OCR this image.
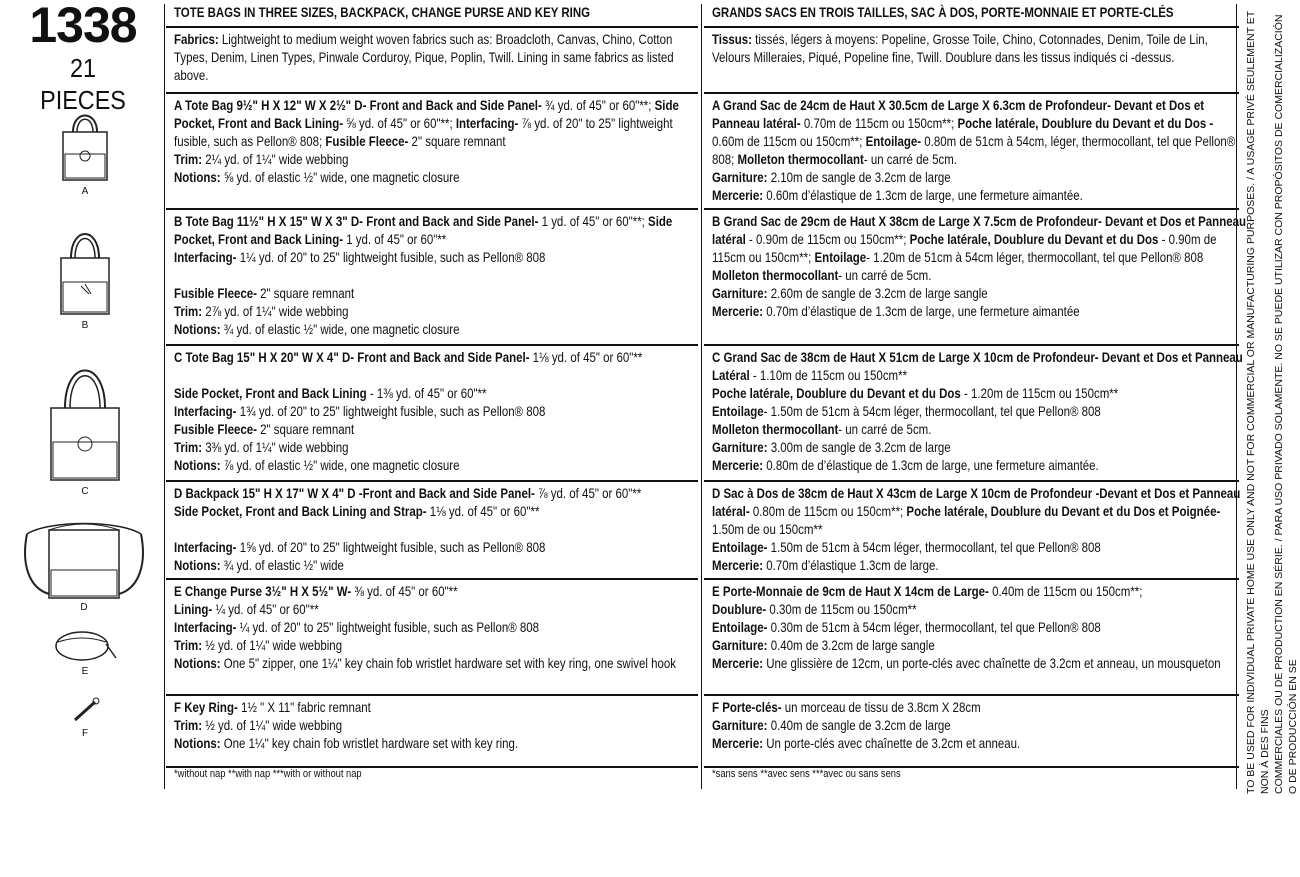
1338
21 PIECES
A
B
C
D
E
F
TOTE BAGS IN THREE SIZES, BACKPACK, CHANGE PURSE AND KEY RING
Fabrics: Lightweight to medium weight woven fabrics such as: Broadcloth, Canvas, Chino, Cotton Types, Denim, Linen Types, Pinwale Corduroy, Pique, Poplin, Twill. Lining in same fabrics as listed above.

A Tote Bag 9½" H X 12" W X 2½" D- Front and Back and Side Panel- ¾ yd. of 45" or 60"**; Side Pocket, Front and Back Lining- ⅝ yd. of 45" or 60"**; Interfacing- ⅞ yd. of 20" to 25" lightweight fusible, such as Pellon® 808; Fusible Fleece- 2" square remnant

Trim: 2¼ yd. of 1¼" wide webbing

Notions: ⅝ yd. of elastic ½" wide, one magnetic closure

B Tote Bag 11½" H X 15" W X 3" D- Front and Back and Side Panel- 1 yd. of 45" or 60"**; Side Pocket, Front and Back Lining- 1 yd. of 45" or 60"**

Interfacing- 1¼ yd. of 20" to 25" lightweight fusible, such as Pellon® 808

Fusible Fleece- 2" square remnant

Trim: 2⅞ yd. of 1¼" wide webbing

Notions: ¾ yd. of elastic ½" wide, one magnetic closure

C Tote Bag 15" H X 20" W X 4" D- Front and Back and Side Panel- 1⅛ yd. of 45" or 60"**

Side Pocket, Front and Back Lining - 1⅜ yd. of 45" or 60"**

Interfacing- 1¾ yd. of 20" to 25" lightweight fusible, such as Pellon® 808

Fusible Fleece- 2" square remnant

Trim: 3⅜ yd. of 1¼" wide webbing

Notions: ⅞ yd. of elastic ½" wide, one magnetic closure

D Backpack 15" H X 17" W X 4" D -Front and Back and Side Panel- ⅞ yd. of 45" or 60"**

Side Pocket, Front and Back Lining and Strap- 1⅛ yd. of 45" or 60"**

Interfacing- 1⅝ yd. of 20" to 25" lightweight fusible, such as Pellon® 808

Notions: ¾ yd. of elastic ½" wide

E Change Purse 3½" H X 5½" W- ⅜ yd. of 45" or 60"**

Lining- ¼ yd. of 45" or 60"**

Interfacing- ¼ yd. of 20" to 25" lightweight fusible, such as Pellon® 808

Trim: ½ yd. of 1¼" wide webbing

Notions: One 5" zipper, one 1¼" key chain fob wristlet hardware set with key ring, one swivel hook

F Key Ring- 1½ " X 11" fabric remnant

Trim: ½ yd. of 1¼" wide webbing

Notions: One 1¼" key chain fob wristlet hardware set with key ring.

*without nap **with nap ***with or without nap
GRANDS SACS EN TROIS TAILLES, SAC À DOS, PORTE-MONNAIE ET PORTE-CLÉS
Tissus: tissés, légers à moyens: Popeline, Grosse Toile, Chino, Cotonnades, Denim, Toile de Lin, Velours Milleraies, Piqué, Popeline fine, Twill. Doublure dans les tissus indiqués ci -dessus.

A Grand Sac de 24cm de Haut X 30.5cm de Large X 6.3cm de Profondeur- Devant et Dos et Panneau latéral- 0.70m de 115cm ou 150cm**; Poche latérale, Doublure du Devant et du Dos - 0.60m de 115cm ou 150cm**; Entoilage- 0.80m de 51cm à 54cm, léger, thermocollant, tel que Pellon® 808; Molleton thermocollant- un carré de 5cm.

Garniture: 2.10m de sangle de 3.2cm de large

Mercerie: 0.60m d’élastique de 1.3cm de large, une fermeture aimantée.

B Grand Sac de 29cm de Haut X 38cm de Large X 7.5cm de Profondeur- Devant et Dos et Panneau latéral - 0.90m de 115cm ou 150cm**; Poche latérale, Doublure du Devant et du Dos - 0.90m de 115cm ou 150cm**; Entoilage- 1.20m de 51cm à 54cm léger, thermocollant, tel que Pellon® 808

Molleton thermocollant- un carré de 5cm.

Garniture: 2.60m de sangle de 3.2cm de large sangle

Mercerie: 0.70m d’élastique de 1.3cm de large, une fermeture aimantée

C Grand Sac de 38cm de Haut X 51cm de Large X 10cm de Profondeur- Devant et Dos et Panneau Latéral - 1.10m de 115cm ou 150cm**

Poche latérale, Doublure du Devant et du Dos - 1.20m de 115cm ou 150cm**

Entoilage- 1.50m de 51cm à 54cm léger, thermocollant, tel que Pellon® 808

Molleton thermocollant- un carré de 5cm.

Garniture: 3.00m de sangle de 3.2cm de large

Mercerie: 0.80m de d’élastique de 1.3cm de large, une fermeture aimantée.

D Sac à Dos de 38cm de Haut X 43cm de Large X 10cm de Profondeur -Devant et Dos et Panneau latéral- 0.80m de 115cm ou 150cm**; Poche latérale, Doublure du Devant et du Dos et Poignée- 1.50m de ou 150cm**

Entoilage- 1.50m de 51cm à 54cm léger, thermocollant, tel que Pellon® 808

Mercerie: 0.70m d’élastique 1.3cm de large.

E Porte-Monnaie de 9cm de Haut X 14cm de Large- 0.40m de 115cm ou 150cm**;

Doublure- 0.30m de 115cm ou 150cm**

Entoilage- 0.30m de 51cm à 54cm léger, thermocollant, tel que Pellon® 808

Garniture: 0.40m de 3.2cm de large sangle

Mercerie: Une glissière de 12cm, un porte-clés avec chaînette de 3.2cm et anneau, un mousqueton

F Porte-clés- un morceau de tissu de 3.8cm X 28cm

Garniture: 0.40m de sangle de 3.2cm de large

Mercerie: Un porte-clés avec chaînette de 3.2cm et anneau.

*sans sens **avec sens ***avec ou sans sens	TO BE USED FOR INDIVIDUAL PRIVATE HOME USE ONLY AND NOT FOR COMMERCIAL OR MANUFACTURING PURPOSES. / A USAGE PRIVÉ SEULEMENT ET NON À DES FINS COMMERCIALES OU DE PRODUCTION EN SÉRIE. / PARA USO PRIVADO SOLAMENTE. NO SE PUEDE UTILIZAR CON PROPÓSITOS DE COMERCIALIZACIÓN O DE PRODUCCIÓN EN SE
